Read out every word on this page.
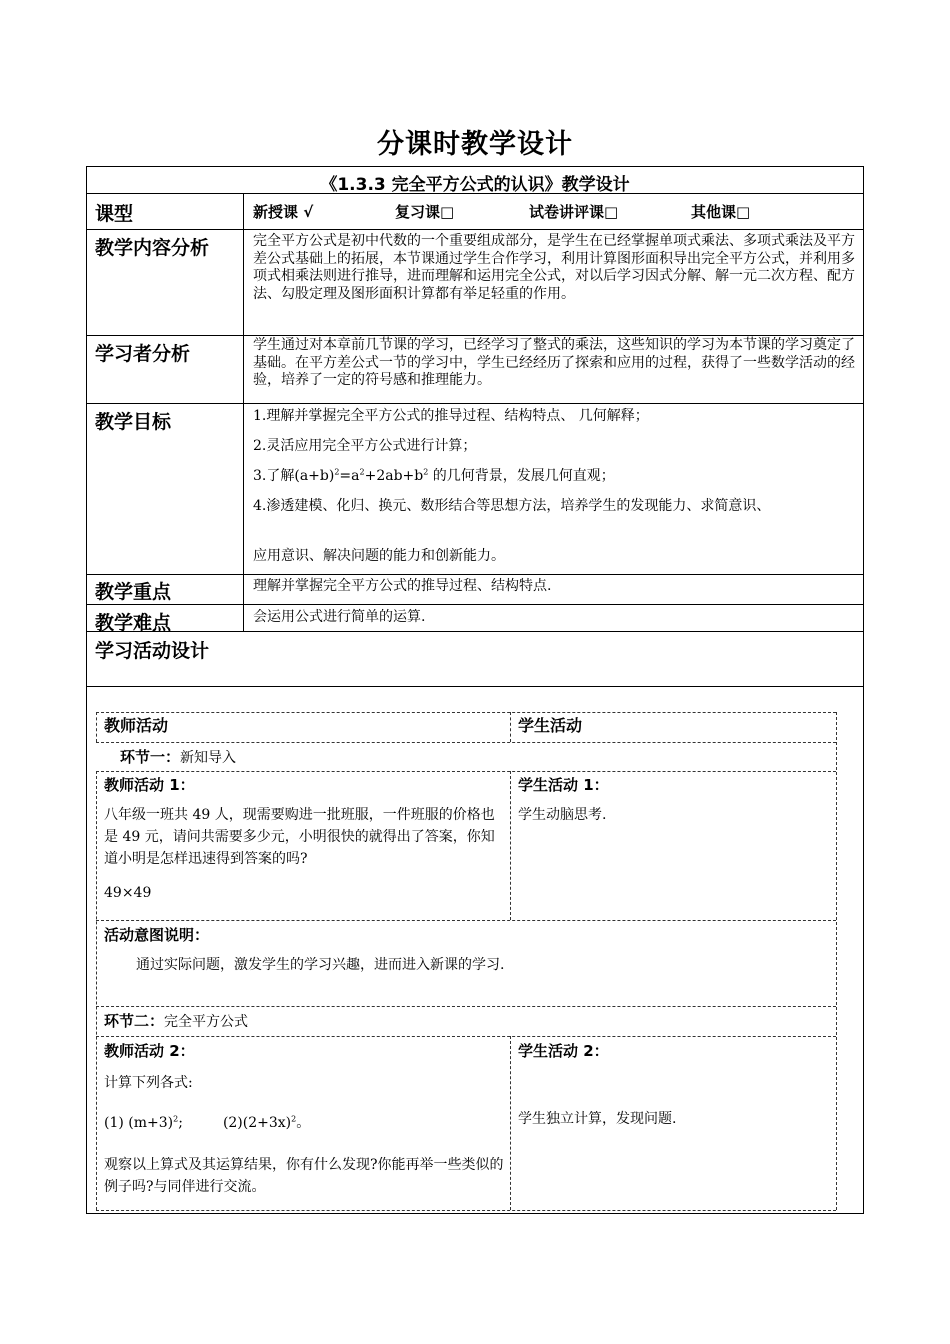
分课时教学设计
《1.3.3 完全平方公式的认识》教学设计
课型	新授课 √	复习课□	试卷讲评课□	其他课□
教学内容分析	完全平方公式是初中代数的一个重要组成部分，是学生在已经掌握单项式乘法、多项式乘法及平方差公式基础上的拓展，本节课通过学生合作学习，利用计算图形面积导出完全平方公式，并利用多项式相乘法则进行推导，进而理解和运用完全公式，对以后学习因式分解、解一元二次方程、配方法、勾股定理及图形面积计算都有举足轻重的作用。
学习者分析	学生通过对本章前几节课的学习，已经学习了整式的乘法，这些知识的学习为本节课的学习奠定了基础。在平方差公式一节的学习中，学生已经经历了探索和应用的过程，获得了一些数学活动的经验，培养了一定的符号感和推理能力。
教学目标	1.理解并掌握完全平方公式的推导过程、结构特点、 几何解释；
2.灵活应用完全平方公式进行计算；
3.了解$(a+b)^2=a^2+2ab+b^2$ 的几何背景，发展几何直观；
4.渗透建模、化归、换元、数形结合等思想方法，培养学生的发现能力、求简意识、
应用意识、解决问题的能力和创新能力。
教学重点	理解并掌握完全平方公式的推导过程、结构特点.
教学难点	会运用公式进行简单的运算.
学习活动设计
教师活动	学生活动
环节一：新知导入
教师活动 1：
八年级一班共 49 人，现需要购进一批班服，一件班服的价格也是 49 元，请问共需要多少元，小明很快的就得出了答案，你知道小明是怎样迅速得到答案的吗?
49×49
学生活动 1：
学生动脑思考.
活动意图说明：
通过实际问题，激发学生的学习兴趣，进而进入新课的学习.
环节二：完全平方公式
教师活动 2：
计算下列各式:
(1) $(m+3)^2$;	$(2)(2+3x)^2$。
观察以上算式及其运算结果，你有什么发现?你能再举一些类似的例子吗?与同伴进行交流。
学生活动 2：
学生独立计算，发现问题.
